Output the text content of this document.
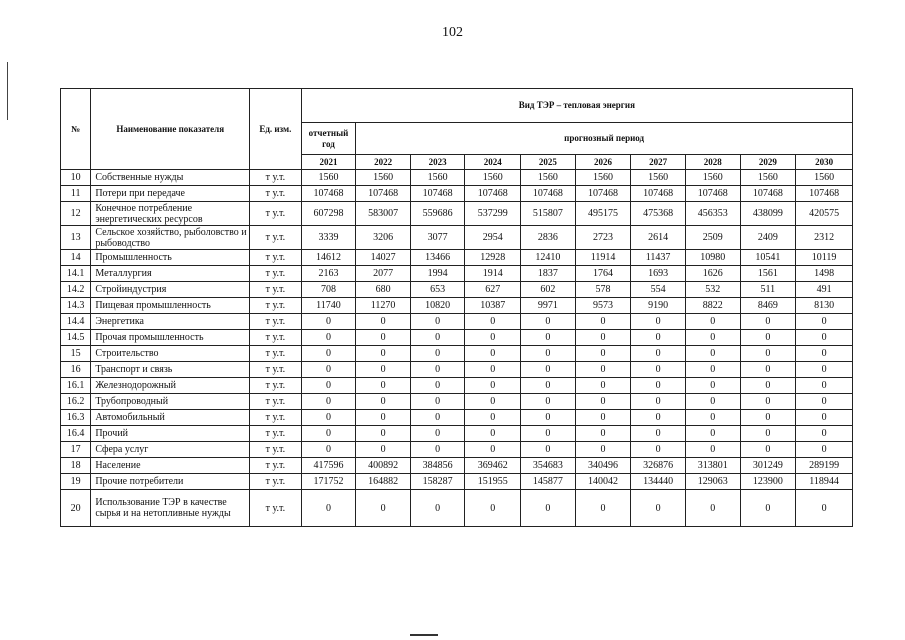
102
№	Наименование показателя	Ед. изм.	Вид ТЭР – тепловая энергия									
			отчетный год	прогнозный период								
			2021	2022	2023	2024	2025	2026	2027	2028	2029	2030
10	Собственные нужды	т у.т.	1560	1560	1560	1560	1560	1560	1560	1560	1560	1560
11	Потери при передаче	т у.т.	107468	107468	107468	107468	107468	107468	107468	107468	107468	107468
12	Конечное потребление энергетических ресурсов	т у.т.	607298	583007	559686	537299	515807	495175	475368	456353	438099	420575
13	Сельское хозяйство, рыболовство и рыбоводство	т у.т.	3339	3206	3077	2954	2836	2723	2614	2509	2409	2312
14	Промышленность	т у.т.	14612	14027	13466	12928	12410	11914	11437	10980	10541	10119
14.1	Металлургия	т у.т.	2163	2077	1994	1914	1837	1764	1693	1626	1561	1498
14.2	Стройиндустрия	т у.т.	708	680	653	627	602	578	554	532	511	491
14.3	Пищевая промышленность	т у.т.	11740	11270	10820	10387	9971	9573	9190	8822	8469	8130
14.4	Энергетика	т у.т.	0	0	0	0	0	0	0	0	0	0
14.5	Прочая промышленность	т у.т.	0	0	0	0	0	0	0	0	0	0
15	Строительство	т у.т.	0	0	0	0	0	0	0	0	0	0
16	Транспорт и связь	т у.т.	0	0	0	0	0	0	0	0	0	0
16.1	Железнодорожный	т у.т.	0	0	0	0	0	0	0	0	0	0
16.2	Трубопроводный	т у.т.	0	0	0	0	0	0	0	0	0	0
16.3	Автомобильный	т у.т.	0	0	0	0	0	0	0	0	0	0
16.4	Прочий	т у.т.	0	0	0	0	0	0	0	0	0	0
17	Сфера услуг	т у.т.	0	0	0	0	0	0	0	0	0	0
18	Население	т у.т.	417596	400892	384856	369462	354683	340496	326876	313801	301249	289199
19	Прочие потребители	т у.т.	171752	164882	158287	151955	145877	140042	134440	129063	123900	118944
20	Использование ТЭР в качестве сырья и на нетопливные нужды	т у.т.	0	0	0	0	0	0	0	0	0	0
